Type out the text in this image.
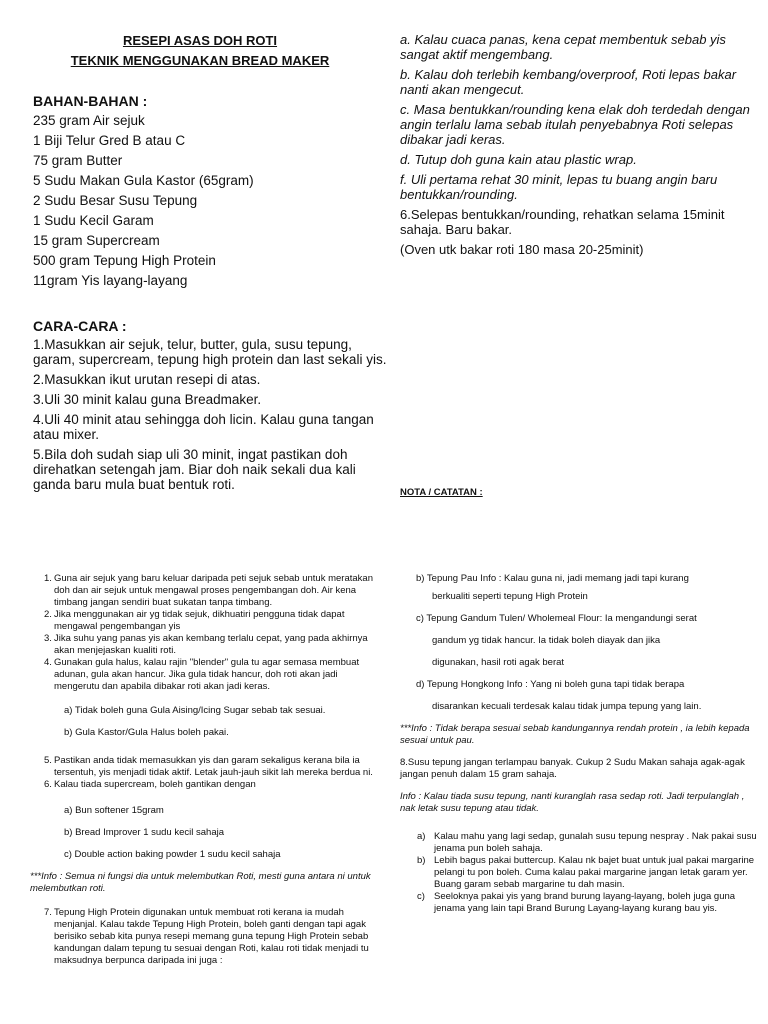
RESEPI ASAS DOH ROTI
TEKNIK MENGGUNAKAN BREAD MAKER
BAHAN-BAHAN :
235 gram Air sejuk
1 Biji Telur Gred B atau C
75 gram Butter
5 Sudu Makan Gula Kastor (65gram)
2 Sudu Besar Susu Tepung
1 Sudu Kecil Garam
15 gram Supercream
500 gram Tepung High Protein
11gram Yis layang-layang
CARA-CARA :

1.Masukkan air sejuk, telur, butter, gula, susu tepung, garam, supercream, tepung high protein dan last sekali yis.

2.Masukkan ikut urutan resepi di atas.

3.Uli 30 minit kalau guna Breadmaker.

4.Uli 40 minit atau sehingga doh licin. Kalau guna tangan atau mixer.

5.Bila doh sudah siap uli 30 minit, ingat pastikan doh direhatkan setengah jam. Biar doh naik sekali dua kali ganda baru mula buat bentuk roti.

a. Kalau cuaca panas, kena cepat membentuk sebab yis sangat aktif mengembang.

b. Kalau doh terlebih kembang/overproof, Roti lepas bakar nanti akan mengecut.

c. Masa bentukkan/rounding kena elak doh terdedah dengan angin terlalu lama sebab itulah penyebabnya Roti selepas dibakar jadi keras.

d. Tutup doh guna kain atau plastic wrap.

f. Uli pertama rehat 30 minit, lepas tu buang angin baru bentukkan/rounding.

6.Selepas bentukkan/rounding, rehatkan selama 15minit sahaja. Baru bakar.

(Oven utk bakar roti 180 masa 20-25minit)

NOTA / CATATAN :
1. Guna air sejuk yang baru keluar daripada peti sejuk sebab untuk meratakan doh dan air sejuk untuk mengawal proses pengembangan doh. Air kena timbang jangan sendiri buat sukatan tanpa timbang.
2. Jika menggunakan air yg tidak sejuk, dikhuatiri pengguna tidak dapat mengawal pengembangan yis
3. Jika suhu yang panas yis akan kembang terlalu cepat, yang pada akhirnya akan menjejaskan kualiti roti.
4. Gunakan gula halus, kalau rajin "blender" gula tu agar semasa membuat adunan, gula akan hancur. Jika gula tidak hancur, doh roti akan jadi mengerutu dan apabila dibakar roti akan jadi keras.
a) Tidak boleh guna Gula Aising/Icing Sugar sebab tak sesuai.
b) Gula Kastor/Gula Halus boleh pakai.
5. Pastikan anda tidak memasukkan yis dan garam sekaligus kerana bila ia tersentuh, yis menjadi tidak aktif. Letak jauh-jauh sikit lah mereka berdua ni.
6. Kalau tiada supercream, boleh gantikan dengan
a) Bun softener 15gram
b) Bread Improver 1 sudu kecil sahaja
c) Double action baking powder 1 sudu kecil sahaja
***Info : Semua ni fungsi dia untuk melembutkan Roti, mesti guna antara ni untuk melembutkan roti.
7. Tepung High Protein digunakan untuk membuat roti kerana ia mudah menjanjal. Kalau takde Tepung High Protein, boleh ganti dengan tapi agak berisiko sebab kita punya resepi memang guna tepung High Protein sebab kandungan dalam tepung tu sesuai dengan Roti, kalau roti tidak menjadi tu maksudnya berpunca daripada ini juga :
b) Tepung Pau Info : Kalau guna ni, jadi memang jadi tapi kurang
berkualiti seperti tepung High Protein
c) Tepung Gandum Tulen/ Wholemeal Flour: Ia mengandungi serat
gandum yg tidak hancur. Ia tidak boleh diayak dan jika
digunakan, hasil roti agak berat
d) Tepung Hongkong Info : Yang ni boleh guna tapi tidak berapa
disarankan kecuali terdesak kalau tidak jumpa tepung yang lain.
***Info : Tidak berapa sesuai sebab kandungannya rendah protein , ia lebih kepada sesuai untuk pau.
8.Susu tepung jangan terlampau banyak. Cukup 2 Sudu Makan sahaja agak-agak jangan penuh dalam 15 gram sahaja.
Info : Kalau tiada susu tepung, nanti kuranglah rasa sedap roti. Jadi terpulanglah , nak letak susu tepung atau tidak.
a) Kalau mahu yang lagi sedap, gunalah susu tepung nespray . Nak pakai susu jenama pun boleh sahaja.
b) Lebih bagus pakai buttercup. Kalau nk bajet buat untuk jual pakai margarine pelangi tu pon boleh. Cuma kalau pakai margarine jangan letak garam yer. Buang garam sebab margarine tu dah masin.
c) Seeloknya pakai yis yang brand burung layang-layang, boleh juga guna jenama yang lain tapi Brand Burung Layang-layang kurang bau yis.
